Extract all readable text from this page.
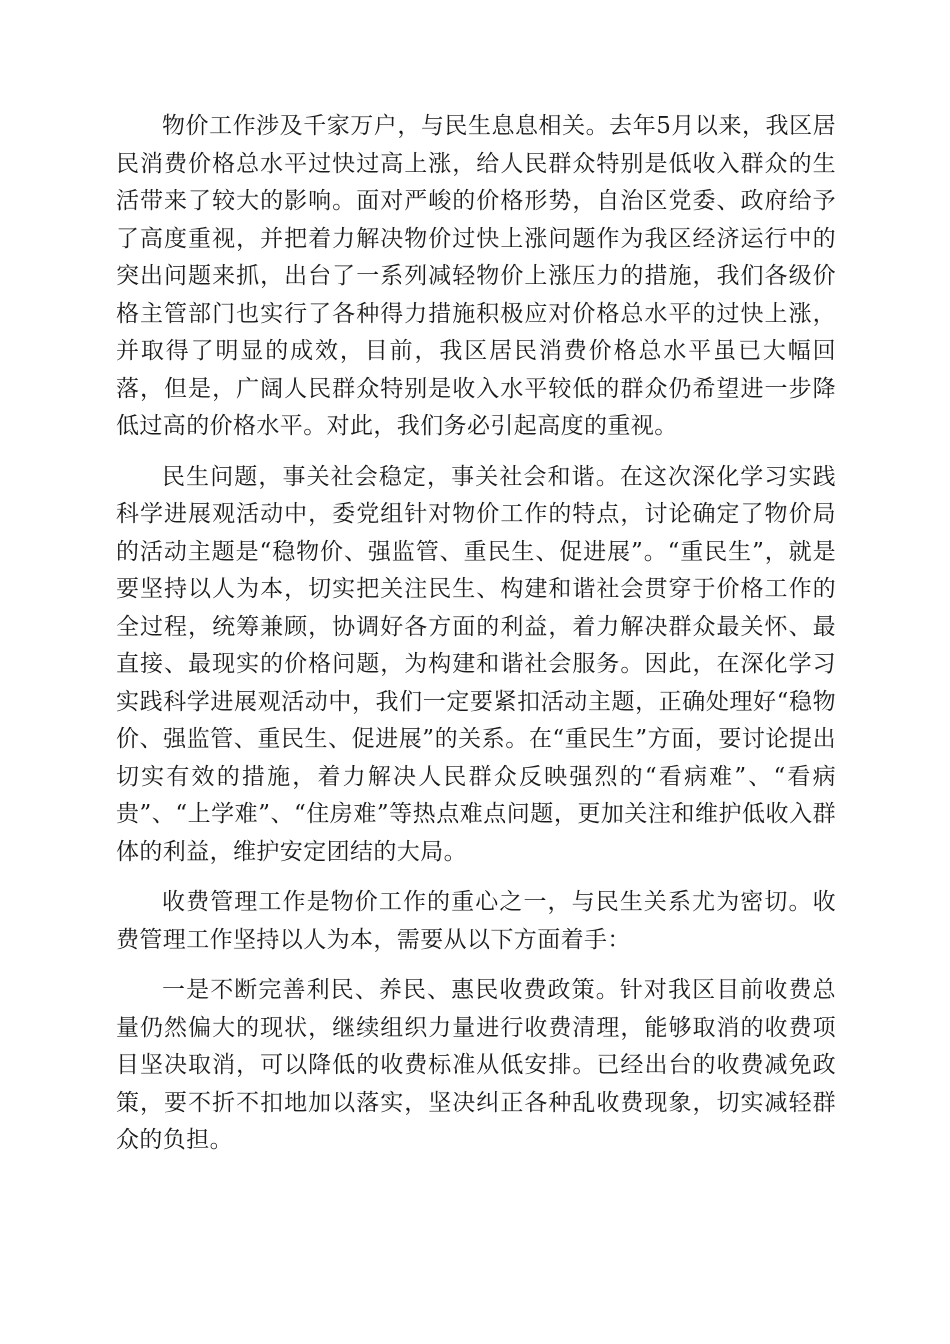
物价工作涉及千家万户，与民生息息相关。去年5月以来，我区居民消费价格总水平过快过高上涨，给人民群众特别是低收入群众的生活带来了较大的影响。面对严峻的价格形势，自治区党委、政府给予了高度重视，并把着力解决物价过快上涨问题作为我区经济运行中的突出问题来抓，出台了一系列减轻物价上涨压力的措施，我们各级价格主管部门也实行了各种得力措施积极应对价格总水平的过快上涨，并取得了明显的成效，目前，我区居民消费价格总水平虽已大幅回落，但是，广阔人民群众特别是收入水平较低的群众仍希望进一步降低过高的价格水平。对此，我们务必引起高度的重视。

民生问题，事关社会稳定，事关社会和谐。在这次深化学习实践科学进展观活动中，委党组针对物价工作的特点，讨论确定了物价局的活动主题是“稳物价、强监管、重民生、促进展”。“重民生”，就是要坚持以人为本，切实把关注民生、构建和谐社会贯穿于价格工作的全过程，统筹兼顾，协调好各方面的利益，着力解决群众最关怀、最直接、最现实的价格问题，为构建和谐社会服务。因此，在深化学习实践科学进展观活动中，我们一定要紧扣活动主题，正确处理好“稳物价、强监管、重民生、促进展”的关系。在“重民生”方面，要讨论提出切实有效的措施，着力解决人民群众反映强烈的“看病难”、“看病贵”、“上学难”、“住房难”等热点难点问题，更加关注和维护低收入群体的利益，维护安定团结的大局。

收费管理工作是物价工作的重心之一，与民生关系尤为密切。收费管理工作坚持以人为本，需要从以下方面着手：

一是不断完善利民、养民、惠民收费政策。针对我区目前收费总量仍然偏大的现状，继续组织力量进行收费清理，能够取消的收费项目坚决取消，可以降低的收费标准从低安排。已经出台的收费减免政策，要不折不扣地加以落实，坚决纠正各种乱收费现象，切实减轻群众的负担。
